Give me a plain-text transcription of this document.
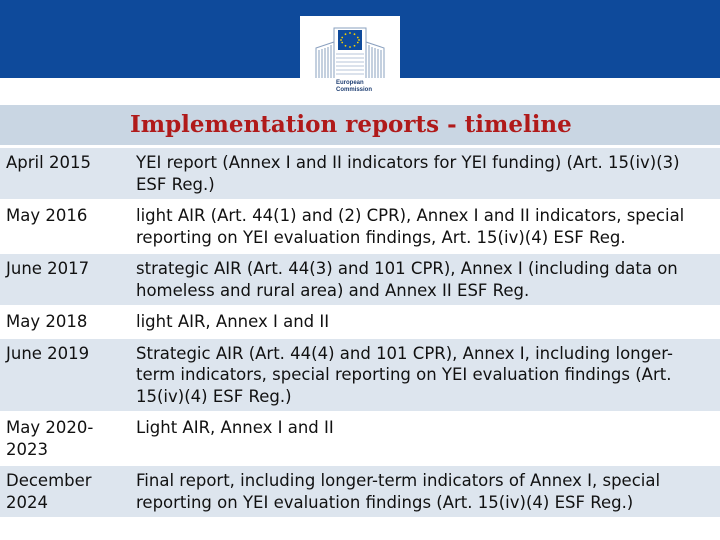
European
Commission
Implementation reports - timeline
April 2015	YEI report (Annex I and II indicators for YEI funding) (Art. 15(iv)(3) ESF Reg.)
May 2016	light AIR (Art. 44(1) and (2) CPR), Annex I and II indicators, special reporting on YEI evaluation findings, Art. 15(iv)(4) ESF Reg.
June 2017	strategic AIR (Art. 44(3) and 101 CPR), Annex I (including data on homeless and rural area) and Annex II ESF Reg.
May 2018	light AIR, Annex I and II
June 2019	Strategic AIR (Art. 44(4) and 101 CPR), Annex I, including longer-term indicators, special reporting on YEI evaluation findings (Art. 15(iv)(4) ESF Reg.)
May 2020-2023	Light AIR, Annex I and II
December 2024	Final report, including longer-term indicators of Annex I, special reporting on YEI evaluation findings (Art. 15(iv)(4) ESF Reg.)
